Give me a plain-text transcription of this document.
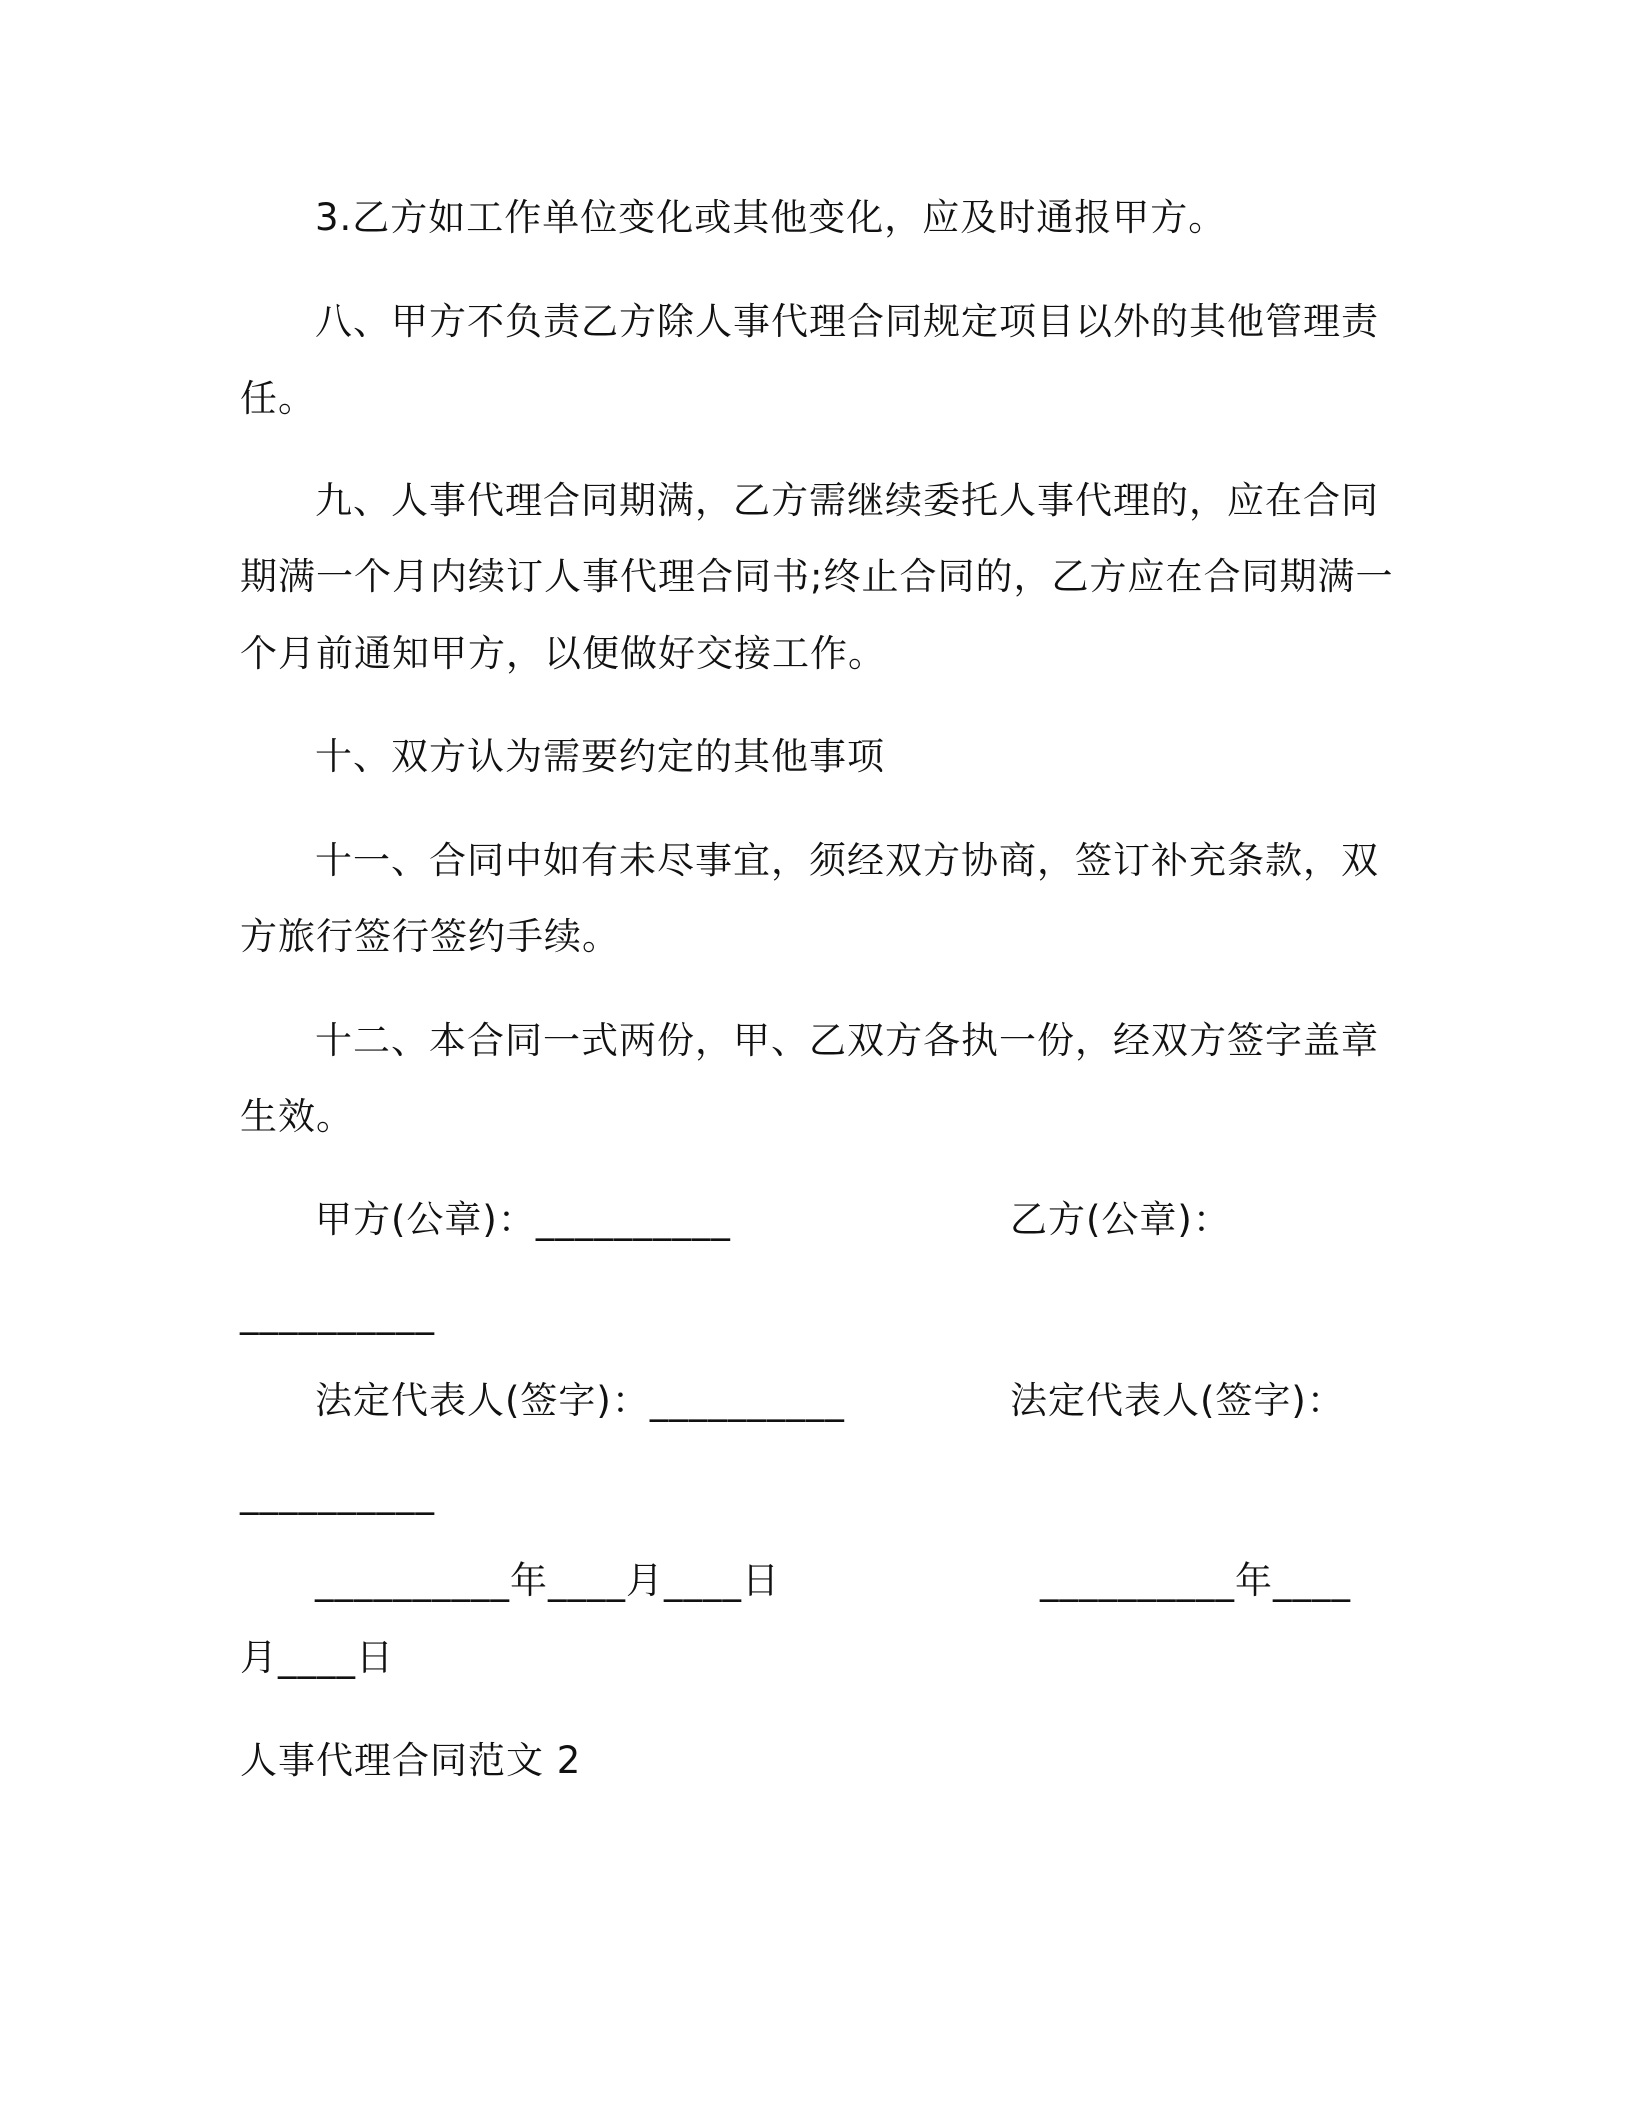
3.乙方如工作单位变化或其他变化，应及时通报甲方。
八、甲方不负责乙方除人事代理合同规定项目以外的其他管理责
任。
九、人事代理合同期满，乙方需继续委托人事代理的，应在合同
期满一个月内续订人事代理合同书;终止合同的，乙方应在合同期满一
个月前通知甲方，以便做好交接工作。
十、双方认为需要约定的其他事项
十一、合同中如有未尽事宜，须经双方协商，签订补充条款，双
方旅行签行签约手续。
十二、本合同一式两份，甲、乙双方各执一份，经双方签字盖章
生效。
甲方(公章)：__________	乙方(公章)：
__________
法定代表人(签字)：__________	法定代表人(签字)：
__________
__________年____月____日	__________年____
月____日
人事代理合同范文 2
